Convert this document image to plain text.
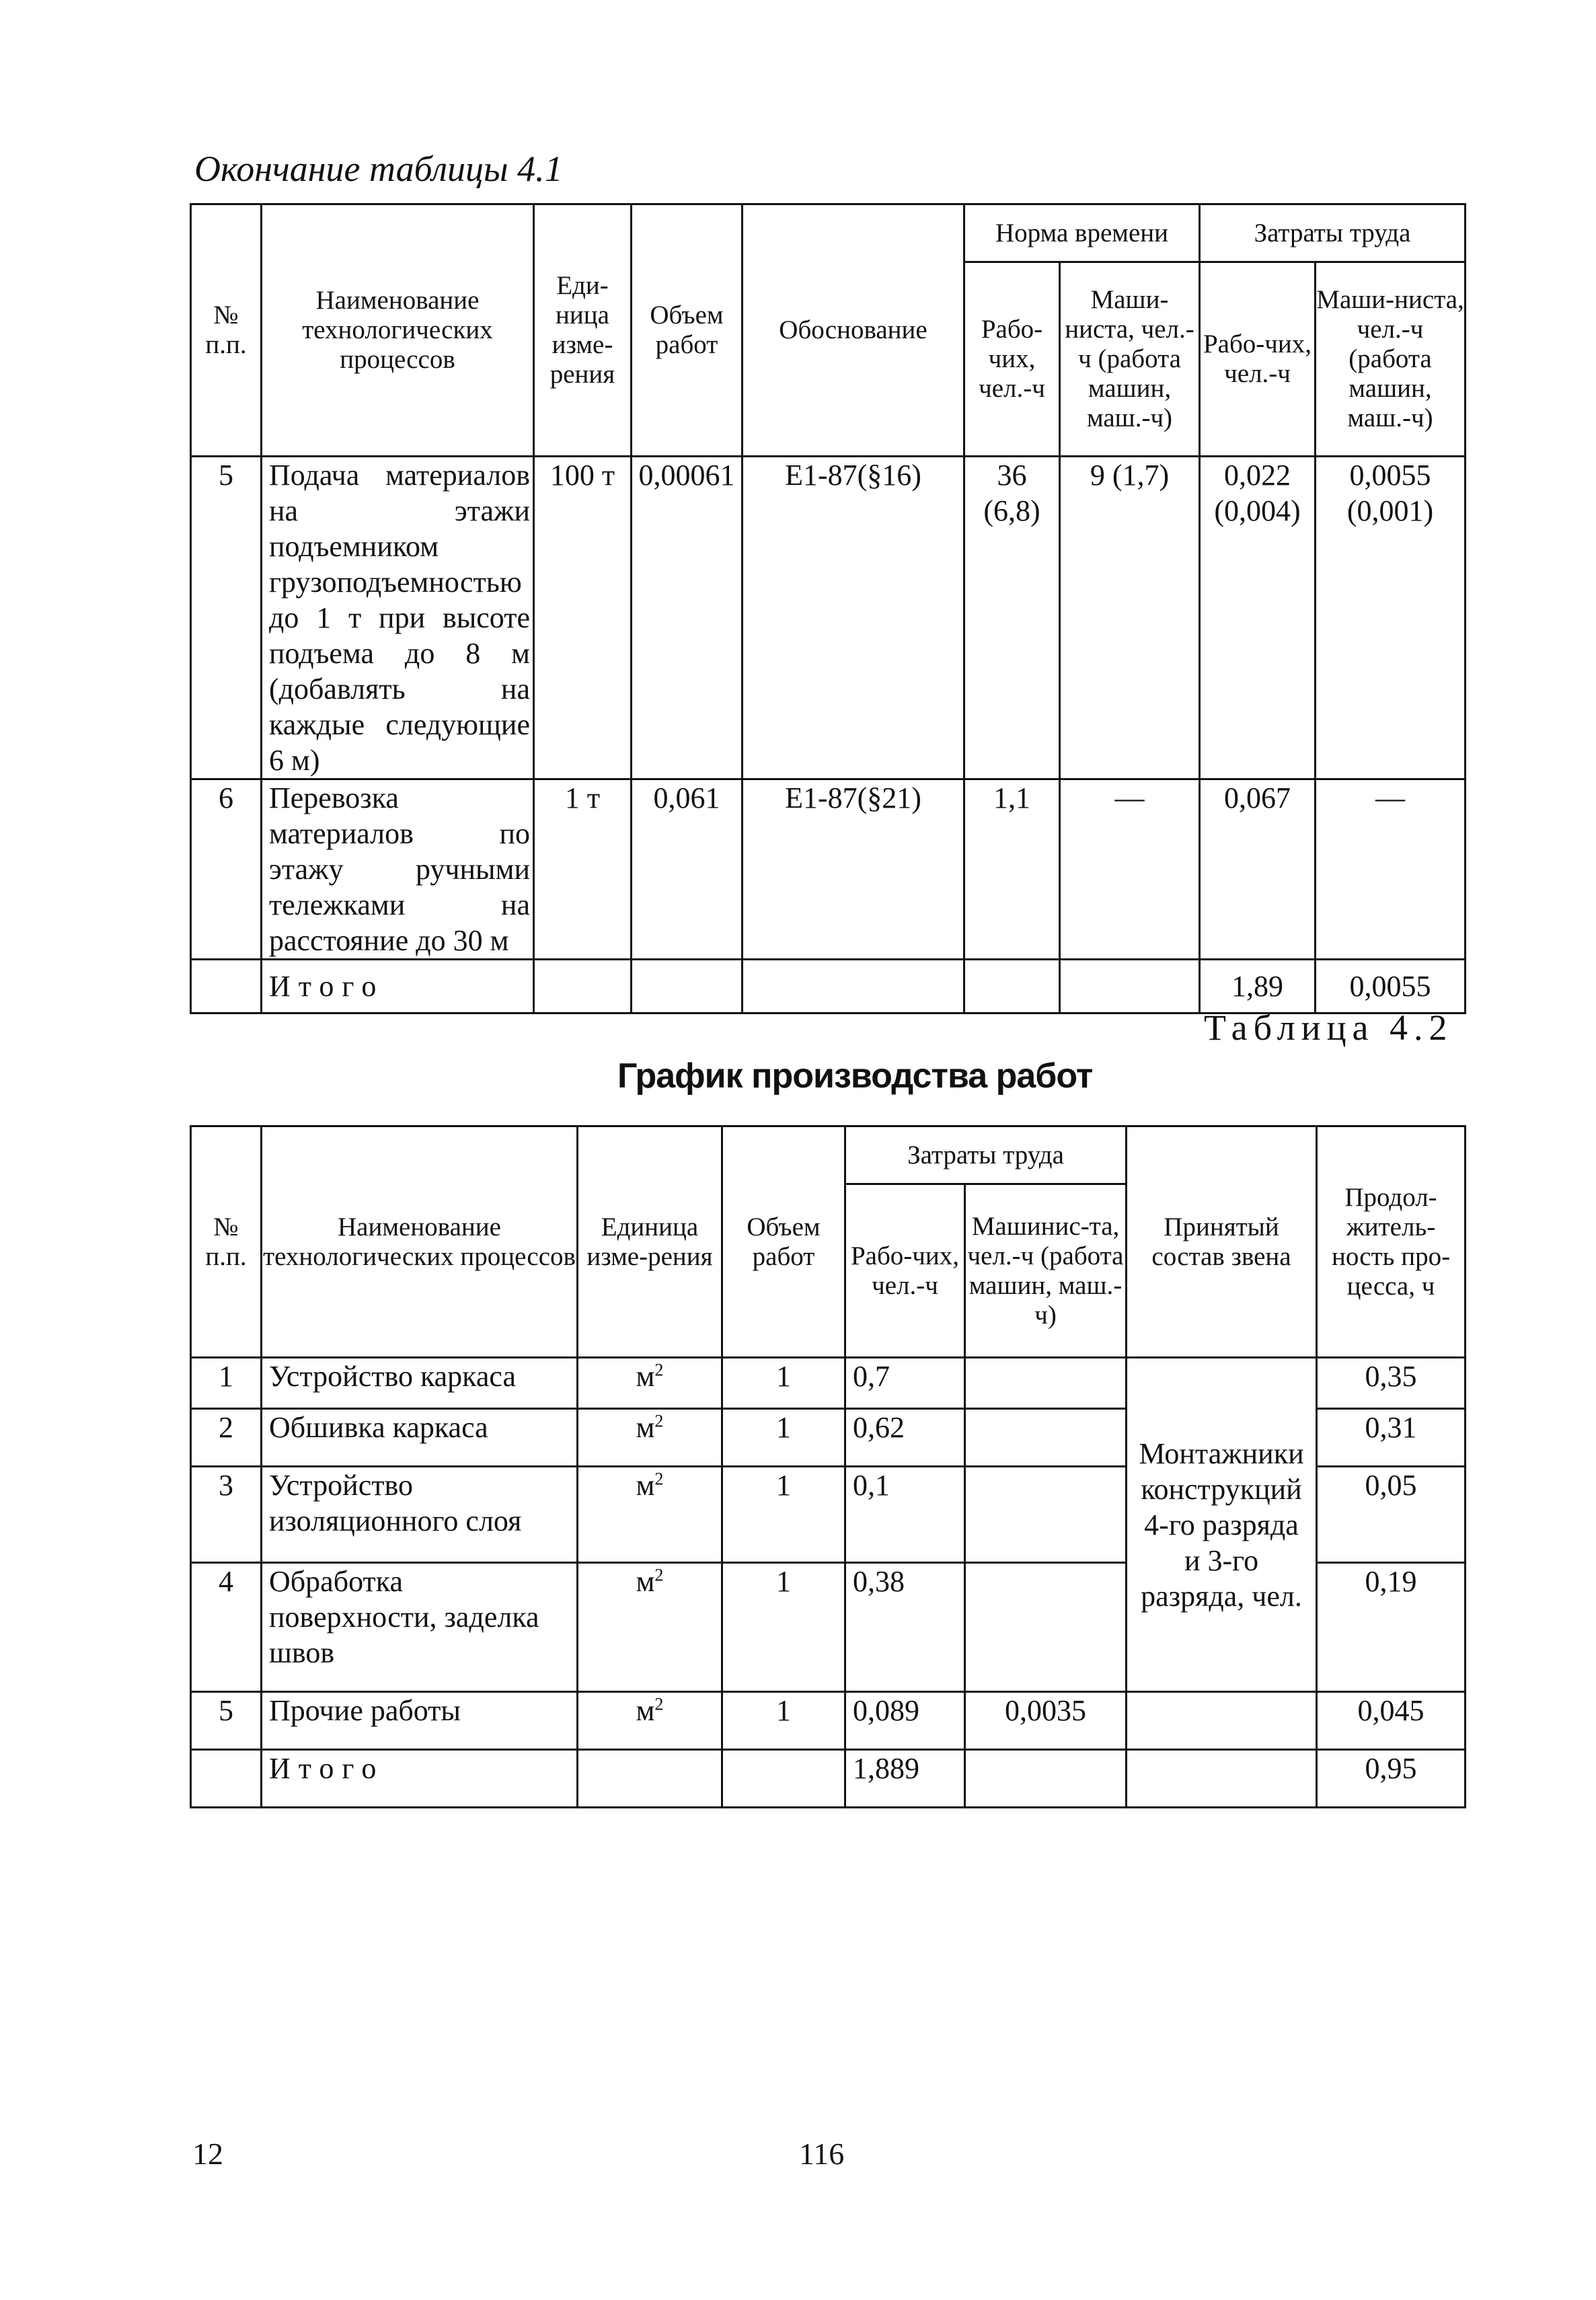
Окончание таблицы 4.1
№ п.п.	Наименование технологических процессов	Еди-ница изме-рения	Объем работ	Обоснование	Норма времени		Затраты труда	
					Рабо-чих, чел.-ч	Маши-ниста, чел.-ч (работа машин, маш.-ч)	Рабо-чих, чел.-ч	Маши-ниста, чел.-ч (работа машин, маш.-ч)
5	Подача материалов на этажи подъемником грузоподъемностью до 1 т при высоте подъема до 8 м (добавлять на каждые следующие 6 м)	100 т	0,00061	Е1-87(§16)	36 (6,8)	9 (1,7)	0,022 (0,004)	0,0055 (0,001)
6	Перевозка материалов по этажу ручными тележками на расстояние до 30 м	1 т	0,061	Е1-87(§21)	1,1	—	0,067	—
	Итого						1,89	0,0055
Таблица 4.2
График производства работ
№ п.п.	Наименование технологических процессов	Единица изме-рения	Объем работ	Затраты труда		Принятый состав звена	Продол-житель-ность про-цесса, ч
				Рабо-чих, чел.-ч	Машинис-та, чел.-ч (работа машин, маш.-ч)		
1	Устройство каркаса	$м^2$	1	0,7		Монтажники конструкций 4-го разряда и 3-го разряда, чел.	0,35
2	Обшивка каркаса	$м^2$	1	0,62			0,31
3	Устройство изоляционного слоя	$м^2$	1	0,1			0,05
4	Обработка поверхности, заделка швов	$м^2$	1	0,38			0,19
5	Прочие работы	$м^2$	1	0,089	0,0035		0,045
	Итого			1,889			0,95
12	116
